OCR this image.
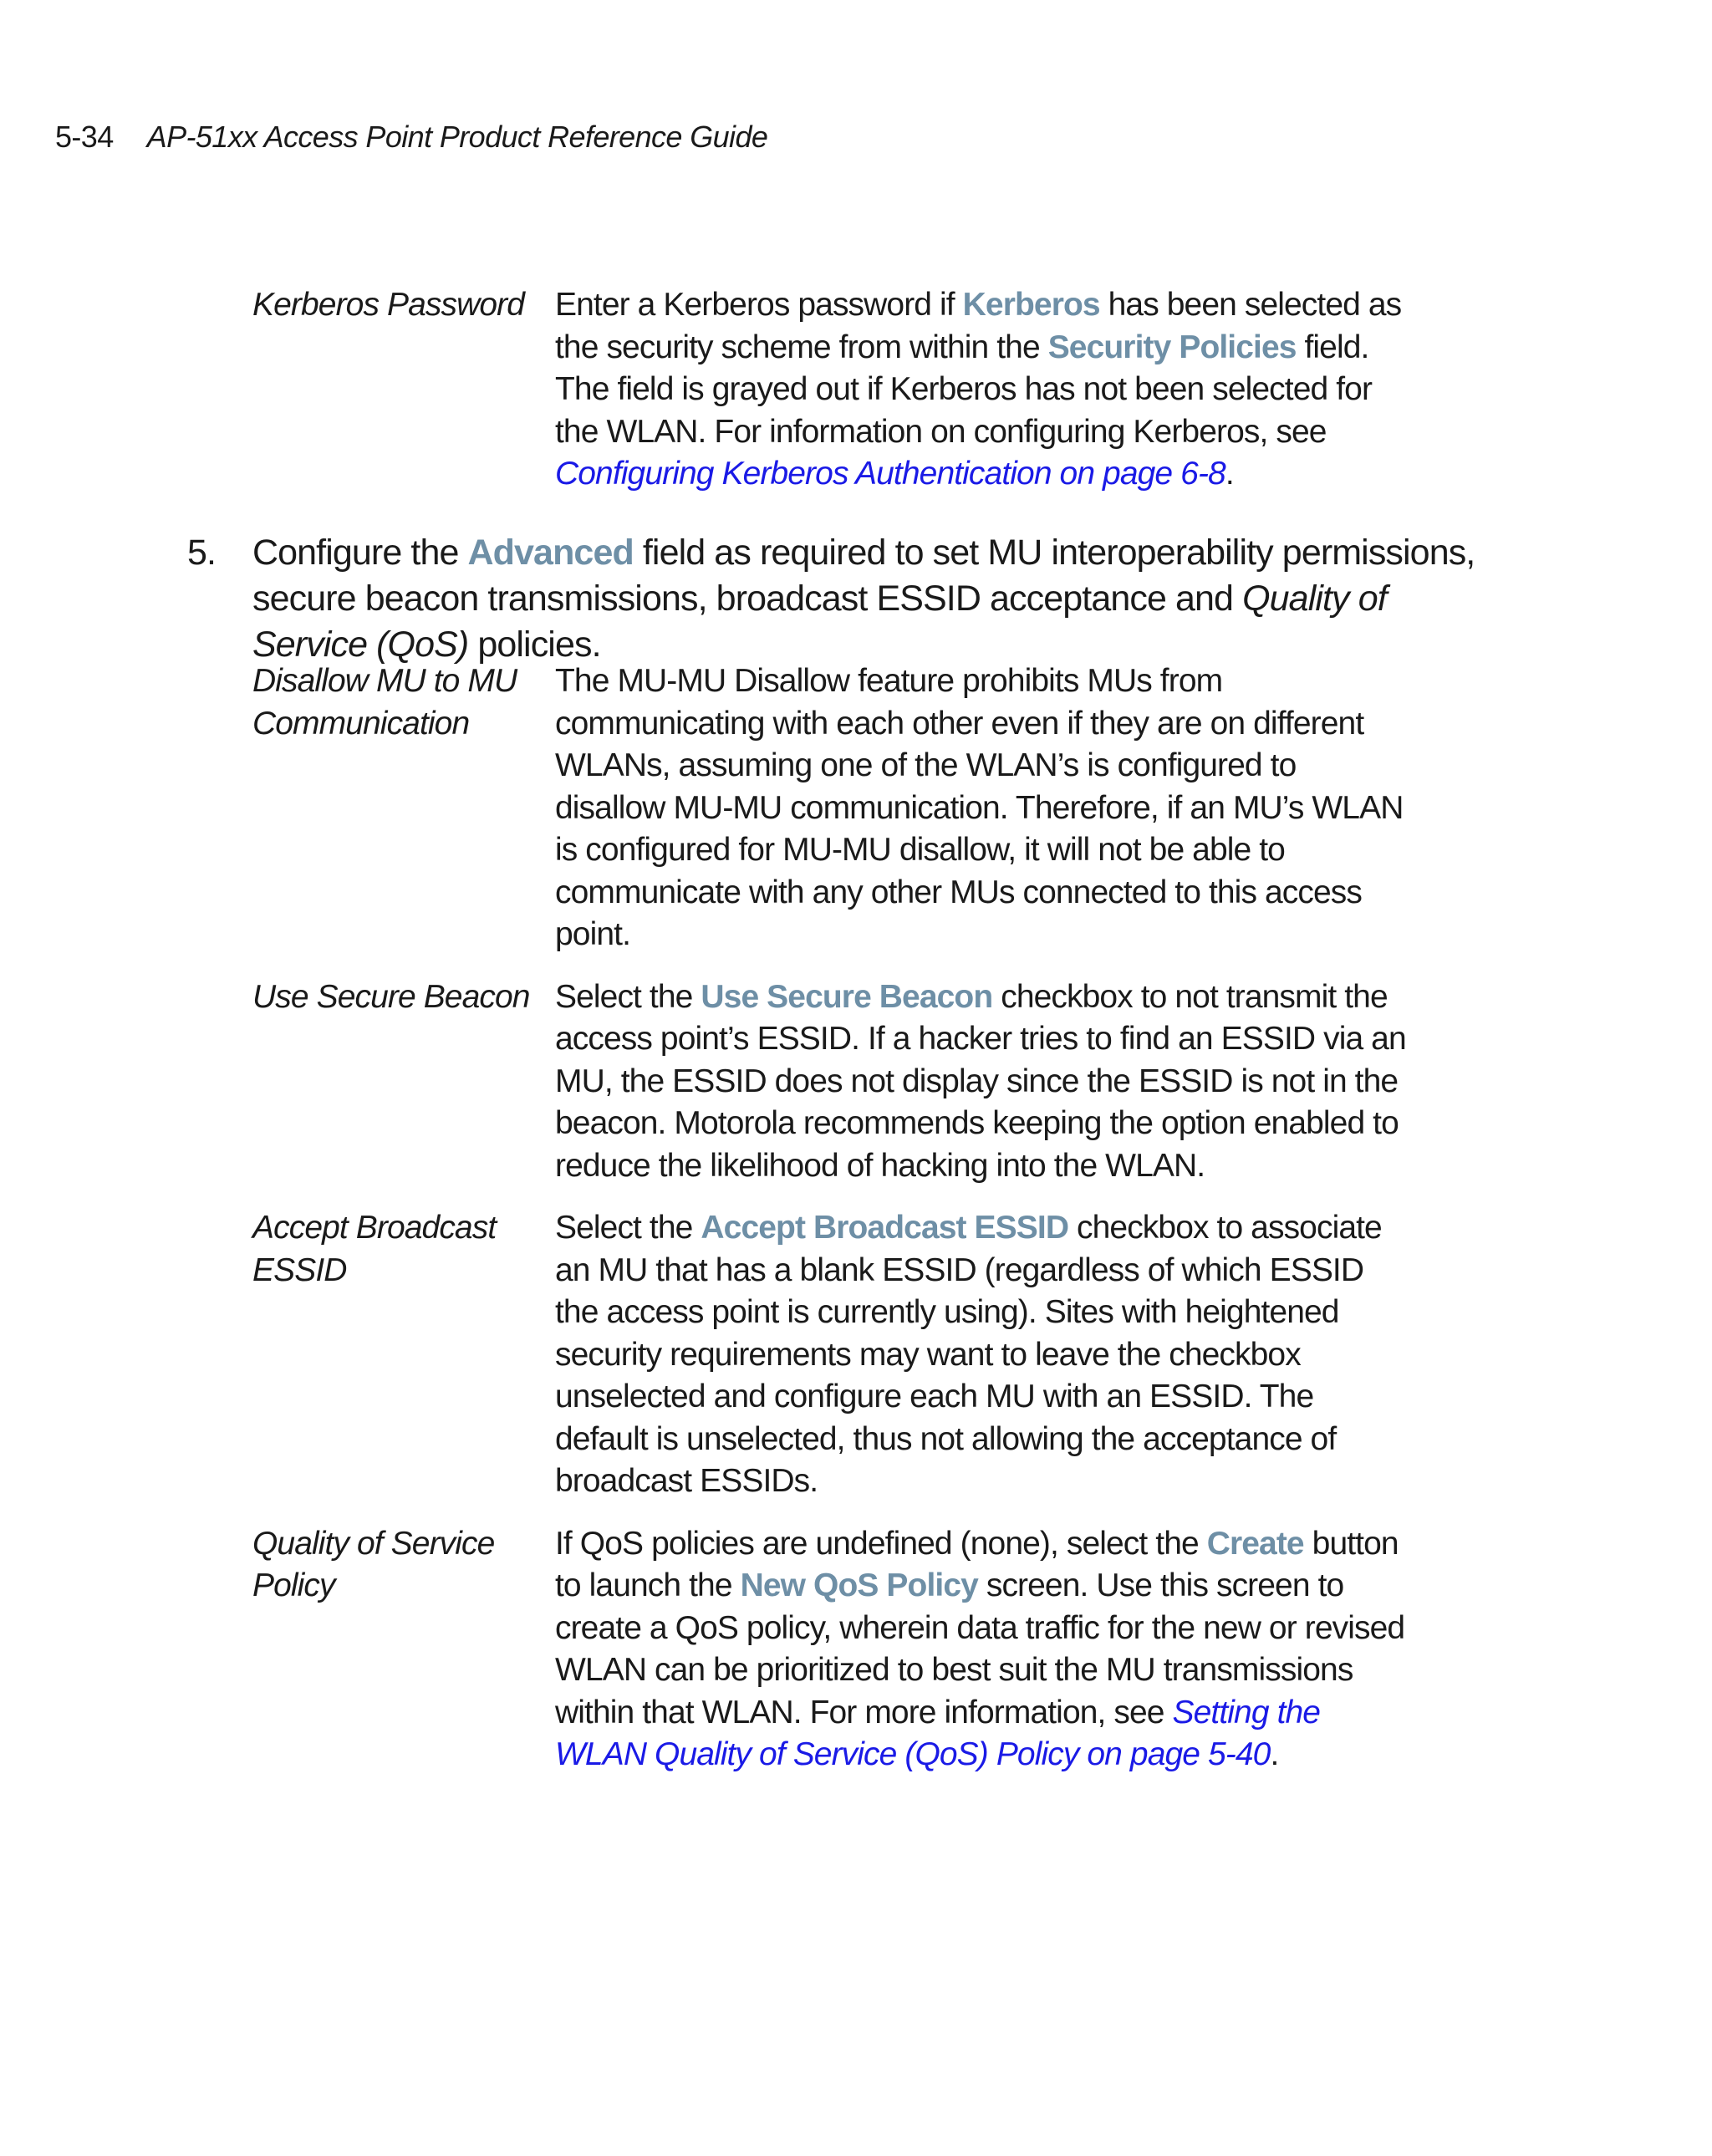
5-34 AP-51xx Access Point Product Reference Guide
Kerberos Password Enter a Kerberos password if Kerberos has been selected as the security scheme from within the Security Policies field. The field is grayed out if Kerberos has not been selected for the WLAN. For information on configuring Kerberos, see Configuring Kerberos Authentication on page 6-8.
5.	Configure the Advanced field as required to set MU interoperability permissions, secure beacon transmissions, broadcast ESSID acceptance and Quality of Service (QoS) policies.
Disallow MU to MU Communication
The MU-MU Disallow feature prohibits MUs from communicating with each other even if they are on different WLANs, assuming one of the WLAN’s is configured to disallow MU-MU communication. Therefore, if an MU’s WLAN is configured for MU-MU disallow, it will not be able to communicate with any other MUs connected to this access point.
Use Secure Beacon Select the Use Secure Beacon checkbox to not transmit the access point’s ESSID. If a hacker tries to find an ESSID via an MU, the ESSID does not display since the ESSID is not in the beacon. Motorola recommends keeping the option enabled to reduce the likelihood of hacking into the WLAN.
Accept Broadcast ESSID
Select the Accept Broadcast ESSID checkbox to associate an MU that has a blank ESSID (regardless of which ESSID the access point is currently using). Sites with heightened security requirements may want to leave the checkbox unselected and configure each MU with an ESSID. The default is unselected, thus not allowing the acceptance of broadcast ESSIDs.
Quality of Service Policy
If QoS policies are undefined (none), select the Create button to launch the New QoS Policy screen. Use this screen to create a QoS policy, wherein data traffic for the new or revised WLAN can be prioritized to best suit the MU transmissions within that WLAN. For more information, see Setting the WLAN Quality of Service (QoS) Policy on page 5-40.
